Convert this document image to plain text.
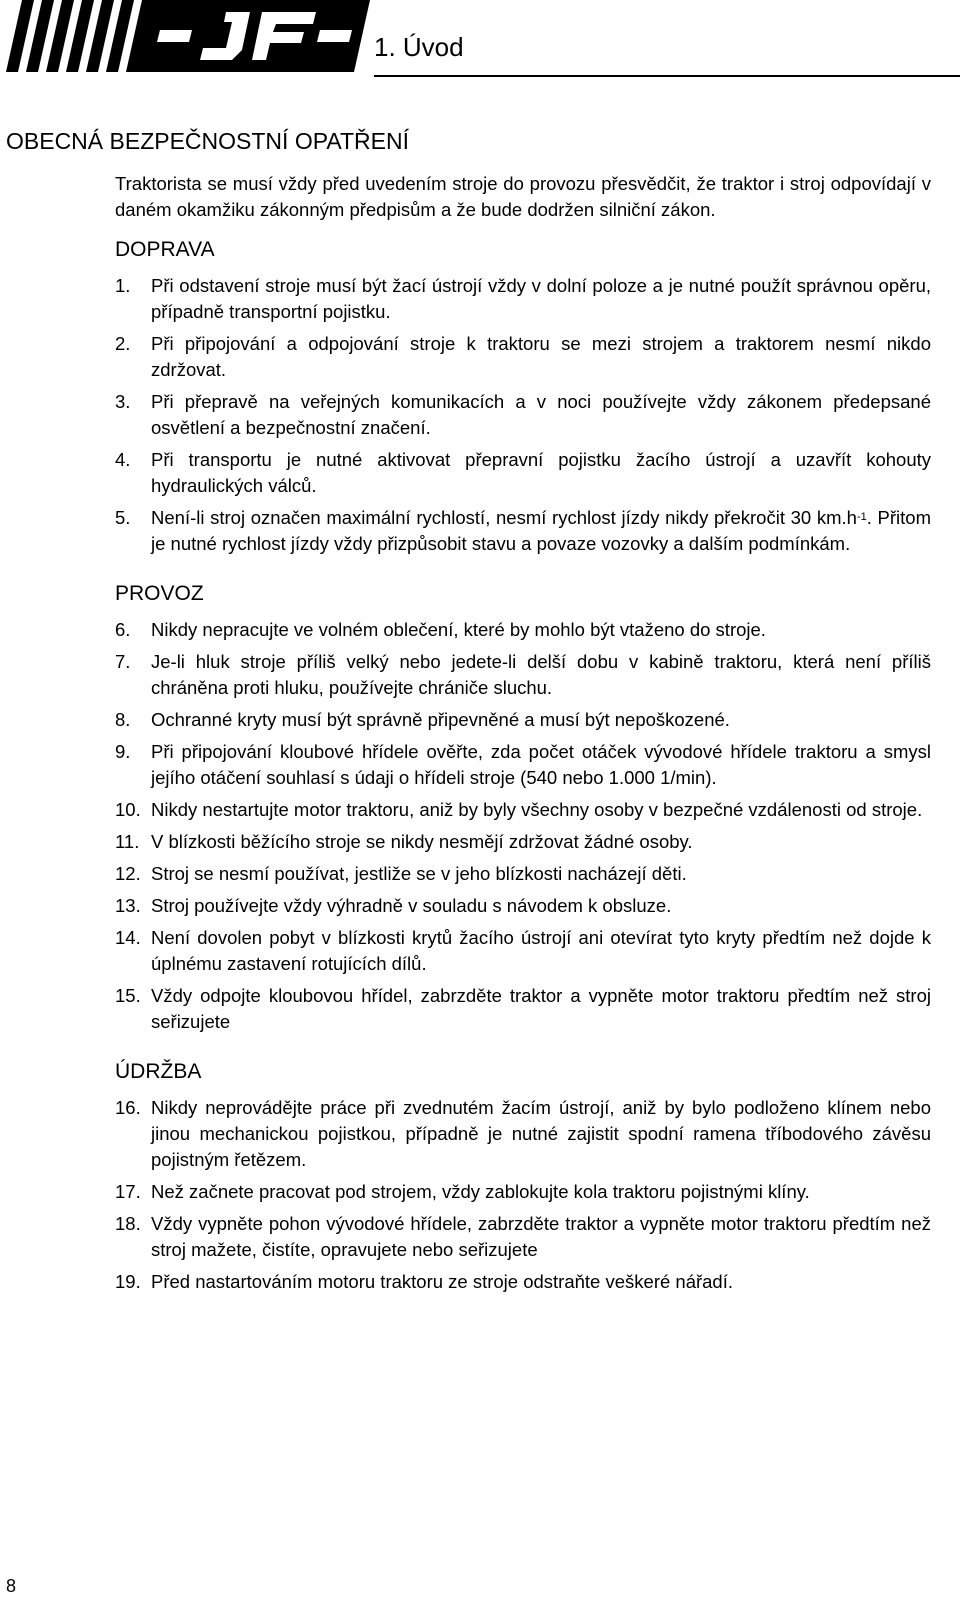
1. Úvod
OBECNÁ BEZPEČNOSTNÍ OPATŘENÍ

Traktorista se musí vždy před uvedením stroje do provozu přesvědčit, že traktor i stroj odpovídají v daném okamžiku zákonným předpisům a že bude dodržen silniční zákon.

DOPRAVA
1.	Při odstavení stroje musí být žací ústrojí vždy v dolní poloze a je nutné použít správnou opěru, případně transportní pojistku.
2.	Při připojování a odpojování stroje k traktoru se mezi strojem a traktorem nesmí nikdo zdržovat.
3.	Při přepravě na veřejných komunikacích a v noci používejte vždy zákonem předepsané osvětlení a bezpečnostní značení.
4.	Při transportu je nutné aktivovat přepravní pojistku žacího ústrojí a uzavřít kohouty hydraulických válců.
5.	Není-li stroj označen maximální rychlostí, nesmí rychlost jízdy nikdy překročit 30 $km.h^{-1}$. Přitom je nutné rychlost jízdy vždy přizpůsobit stavu a povaze vozovky a dalším podmínkám.
PROVOZ
6.	Nikdy nepracujte ve volném oblečení, které by mohlo být vtaženo do stroje.
7.	Je-li hluk stroje příliš velký nebo jedete-li delší dobu v kabině traktoru, která není příliš chráněna proti hluku, používejte chrániče sluchu.
8.	Ochranné kryty musí být správně připevněné a musí být nepoškozené.
9.	Při připojování kloubové hřídele ověřte, zda počet otáček vývodové hřídele traktoru a smysl jejího otáčení souhlasí s údaji o hřídeli stroje (540 nebo 1.000 1/min).
10. Nikdy nestartujte motor traktoru, aniž by byly všechny osoby v bezpečné vzdálenosti od stroje.
11. V blízkosti běžícího stroje se nikdy nesmějí zdržovat žádné osoby.
12. Stroj se nesmí používat, jestliže se v jeho blízkosti nacházejí děti.
13. Stroj používejte vždy výhradně v souladu s návodem k obsluze.
14. Není dovolen pobyt v blízkosti krytů žacího ústrojí ani otevírat tyto kryty předtím než dojde k úplnému zastavení rotujících dílů.
15. Vždy odpojte kloubovou hřídel, zabrzděte traktor a vypněte motor traktoru předtím než stroj seřizujete
ÚDRŽBA
16. Nikdy neprovádějte práce při zvednutém žacím ústrojí, aniž by bylo podloženo klínem nebo jinou mechanickou pojistkou, případně je nutné zajistit spodní ramena tříbodového závěsu pojistným řetězem.
17. Než začnete pracovat pod strojem, vždy zablokujte kola traktoru pojistnými klíny.
18. Vždy vypněte pohon vývodové hřídele, zabrzděte traktor a vypněte motor traktoru předtím než stroj mažete, čistíte, opravujete nebo seřizujete
19. Před nastartováním motoru traktoru ze stroje odstraňte veškeré nářadí.
8
